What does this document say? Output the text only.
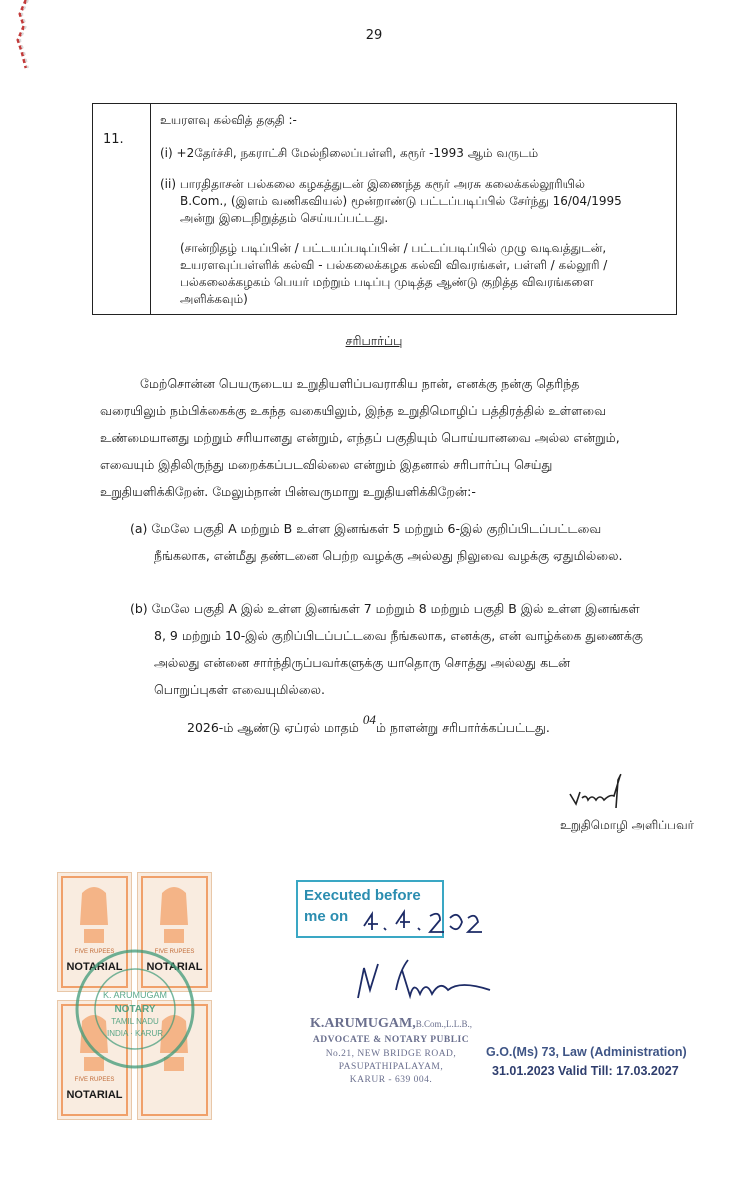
29
11.
உயரளவு கல்வித் தகுதி :-
(i) +2தேர்ச்சி, நகராட்சி மேல்நிலைப்பள்ளி, கரூர் -1993 ஆம் வருடம்
(ii) பாரதிதாசன் பல்கலை கழகத்துடன் இணைந்த கரூர் அரசு கலைக்கல்லூரியில்
B.Com., (இளம் வணிகவியல்) மூன்றாண்டு பட்டப்படிப்பில் சேர்ந்து 16/04/1995
அன்று இடைநிறுத்தம் செய்யப்பட்டது.
(சான்றிதழ் படிப்பின் / பட்டயப்படிப்பின் / பட்டப்படிப்பில் முழு வடிவத்துடன்,
உயரளவுப்பள்ளிக் கல்வி - பல்கலைக்கழக கல்வி விவரங்கள், பள்ளி / கல்லூரி /
பல்கலைக்கழகம் பெயர் மற்றும் படிப்பு முடித்த ஆண்டு குறித்த விவரங்களை
அளிக்கவும்)
சரிபார்ப்பு
மேற்சொன்ன பெயருடைய உறுதியளிப்பவராகிய நான், எனக்கு நன்கு தெரிந்த
வரையிலும் நம்பிக்கைக்கு உகந்த வகையிலும், இந்த உறுதிமொழிப் பத்திரத்தில் உள்ளவை
உண்மையானது மற்றும் சரியானது என்றும், எந்தப் பகுதியும் பொய்யானவை அல்ல என்றும்,
எவையும் இதிலிருந்து மறைக்கப்படவில்லை என்றும் இதனால் சரிபார்ப்பு செய்து
உறுதியளிக்கிறேன். மேலும்நான் பின்வருமாறு உறுதியளிக்கிறேன்:-
(a) மேலே பகுதி A மற்றும் B உள்ள இனங்கள் 5 மற்றும் 6-இல் குறிப்பிடப்பட்டவை
நீங்கலாக, என்மீது தண்டனை பெற்ற வழக்கு அல்லது நிலுவை வழக்கு ஏதுமில்லை.
(b) மேலே பகுதி A இல் உள்ள இனங்கள் 7 மற்றும் 8 மற்றும் பகுதி B இல் உள்ள இனங்கள்
8, 9 மற்றும் 10-இல் குறிப்பிடப்பட்டவை நீங்கலாக, எனக்கு, என் வாழ்க்கை துணைக்கு
அல்லது என்னை சார்ந்திருப்பவர்களுக்கு யாதொரு சொத்து அல்லது கடன்
பொறுப்புகள் எவையுமில்லை.
2026-ம் ஆண்டு ஏப்ரல் மாதம் 04ம் நாளன்று சரிபார்க்கப்பட்டது.
உறுதிமொழி அளிப்பவர்
FIVE RUPEES
NOTARIAL
FIVE RUPEES
NOTARIAL
FIVE RUPEES
NOTARIAL
K. ARUMUGAM
NOTARY
TAMIL NADU
INDIA · KARUR
Executed before
me on
K.ARUMUGAM,B.Com.,L.L.B.,
ADVOCATE & NOTARY PUBLIC
No.21, NEW BRIDGE ROAD,
PASUPATHIPALAYAM,
KARUR - 639 004.
G.O.(Ms) 73, Law (Administration)
31.01.2023 Valid Till: 17.03.2027
